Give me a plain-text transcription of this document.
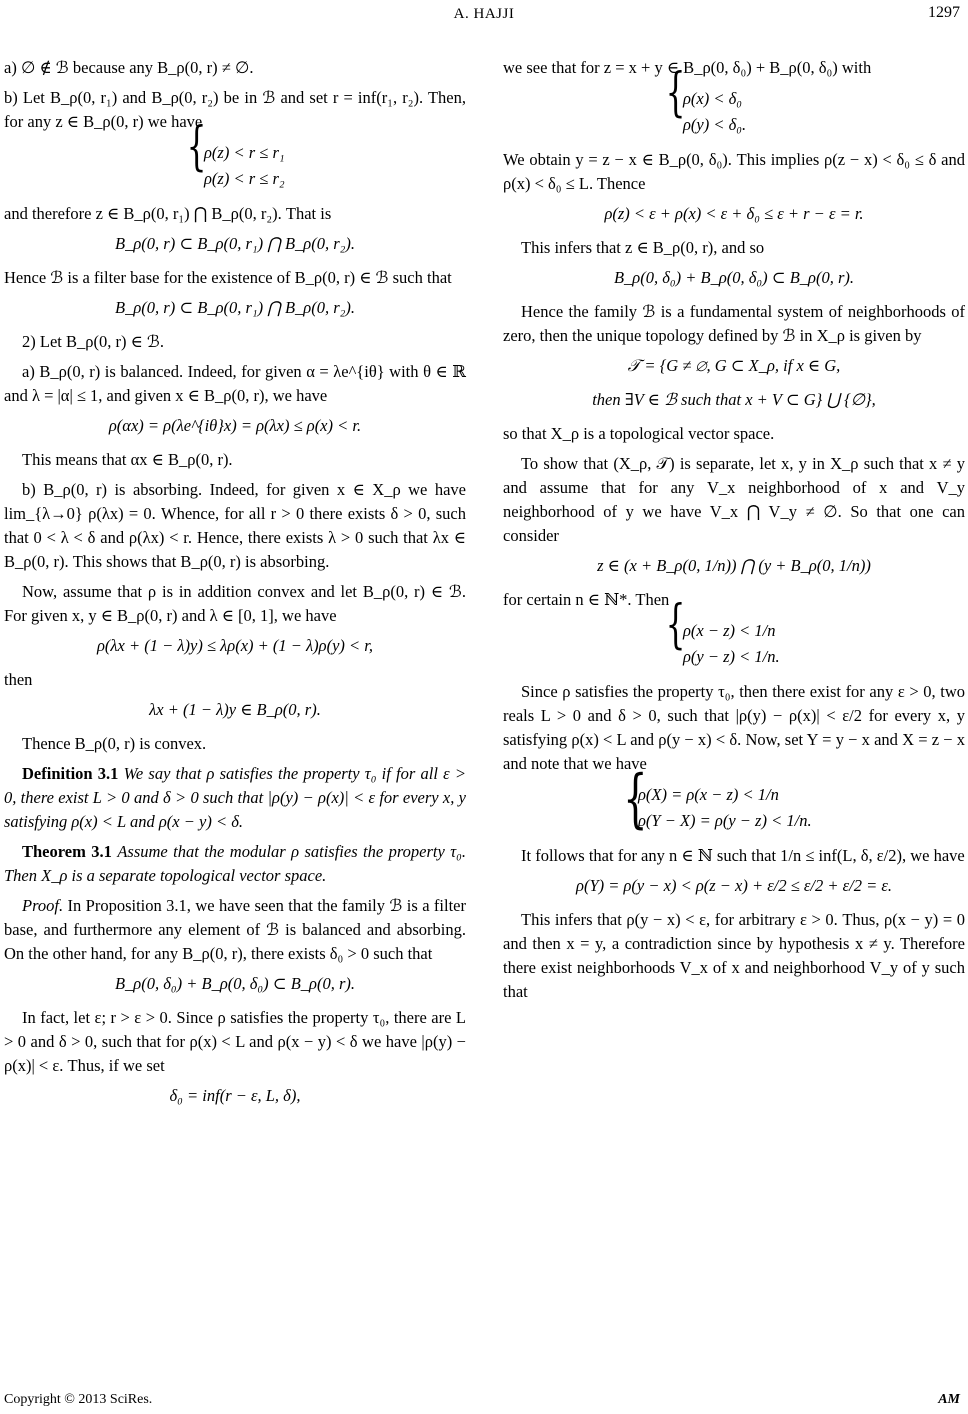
A. HAJJI	1297

a) ∅ ∉ ℬ because any B_ρ(0, r) ≠ ∅.

b) Let B_ρ(0, r₁) and B_ρ(0, r₂) be in ℬ and set r = inf(r₁, r₂). Then, for any z ∈ B_ρ(0, r) we have

{ ρ(z) < r ≤ r₁
ρ(z) < r ≤ r₂

and therefore z ∈ B_ρ(0, r₁) ⋂ B_ρ(0, r₂). That is

B_ρ(0, r) ⊂ B_ρ(0, r₁) ⋂ B_ρ(0, r₂).

Hence ℬ is a filter base for the existence of B_ρ(0, r) ∈ ℬ such that

B_ρ(0, r) ⊂ B_ρ(0, r₁) ⋂ B_ρ(0, r₂).

2) Let B_ρ(0, r) ∈ ℬ.

a) B_ρ(0, r) is balanced. Indeed, for given α = λe^{iθ} with θ ∈ ℝ and λ = |α| ≤ 1, and given x ∈ B_ρ(0, r), we have

ρ(αx) = ρ(λe^{iθ}x) = ρ(λx) ≤ ρ(x) < r.

This means that αx ∈ B_ρ(0, r).

b) B_ρ(0, r) is absorbing. Indeed, for given x ∈ X_ρ we have lim_{λ→0} ρ(λx) = 0. Whence, for all r > 0 there exists δ > 0, such that 0 < λ < δ and ρ(λx) < r. Hence, there exists λ > 0 such that λx ∈ B_ρ(0, r). This shows that B_ρ(0, r) is absorbing.

Now, assume that ρ is in addition convex and let B_ρ(0, r) ∈ ℬ. For given x, y ∈ B_ρ(0, r) and λ ∈ [0, 1], we have

ρ(λx + (1 − λ)y) ≤ λρ(x) + (1 − λ)ρ(y) < r,

then

λx + (1 − λ)y ∈ B_ρ(0, r).

Thence B_ρ(0, r) is convex.

Definition 3.1 We say that ρ satisfies the property τ₀ if for all ε > 0, there exist L > 0 and δ > 0 such that |ρ(y) − ρ(x)| < ε for every x, y satisfying ρ(x) < L and ρ(x − y) < δ.

Theorem 3.1 Assume that the modular ρ satisfies the property τ₀. Then X_ρ is a separate topological vector space.

Proof. In Proposition 3.1, we have seen that the family ℬ is a filter base, and furthermore any element of ℬ is balanced and absorbing. On the other hand, for any B_ρ(0, r), there exists δ₀ > 0 such that

B_ρ(0, δ₀) + B_ρ(0, δ₀) ⊂ B_ρ(0, r).

In fact, let ε; r > ε > 0. Since ρ satisfies the property τ₀, there are L > 0 and δ > 0, such that for ρ(x) < L and ρ(x − y) < δ we have |ρ(y) − ρ(x)| < ε. Thus, if we set

δ₀ = inf(r − ε, L, δ),

we see that for z = x + y ∈ B_ρ(0, δ₀) + B_ρ(0, δ₀) with

{ ρ(x) < δ₀
ρ(y) < δ₀.

We obtain y = z − x ∈ B_ρ(0, δ₀). This implies ρ(z − x) < δ₀ ≤ δ and ρ(x) < δ₀ ≤ L. Thence

ρ(z) < ε + ρ(x) < ε + δ₀ ≤ ε + r − ε = r.

This infers that z ∈ B_ρ(0, r), and so

B_ρ(0, δ₀) + B_ρ(0, δ₀) ⊂ B_ρ(0, r).

Hence the family ℬ is a fundamental system of neighborhoods of zero, then the unique topology defined by ℬ in X_ρ is given by

𝒯 = {G ≠ ∅, G ⊂ X_ρ, if x ∈ G,
then ∃V ∈ ℬ such that x + V ⊂ G} ⋃ {∅},

so that X_ρ is a topological vector space.

To show that (X_ρ, 𝒯) is separate, let x, y in X_ρ such that x ≠ y and assume that for any V_x neighborhood of x and V_y neighborhood of y we have V_x ⋂ V_y ≠ ∅. So that one can consider

z ∈ (x + B_ρ(0, 1/n)) ⋂ (y + B_ρ(0, 1/n))

for certain n ∈ ℕ*. Then

{ ρ(x − z) < 1/n
ρ(y − z) < 1/n.

Since ρ satisfies the property τ₀, then there exist for any ε > 0, two reals L > 0 and δ > 0, such that |ρ(y) − ρ(x)| < ε/2 for every x, y satisfying ρ(x) < L and ρ(y − x) < δ. Now, set Y = y − x and X = z − x and note that we have

{ ρ(X) = ρ(x − z) < 1/n
ρ(Y − X) = ρ(y − z) < 1/n.

It follows that for any n ∈ ℕ such that 1/n ≤ inf(L, δ, ε/2), we have

ρ(Y) = ρ(y − x) < ρ(z − x) + ε/2 ≤ ε/2 + ε/2 = ε.

This infers that ρ(y − x) < ε, for arbitrary ε > 0. Thus, ρ(x − y) = 0 and then x = y, a contradiction since by hypothesis x ≠ y. Therefore there exist neighborhoods V_x of x and neighborhood V_y of y such that

Copyright © 2013 SciRes.	AM
